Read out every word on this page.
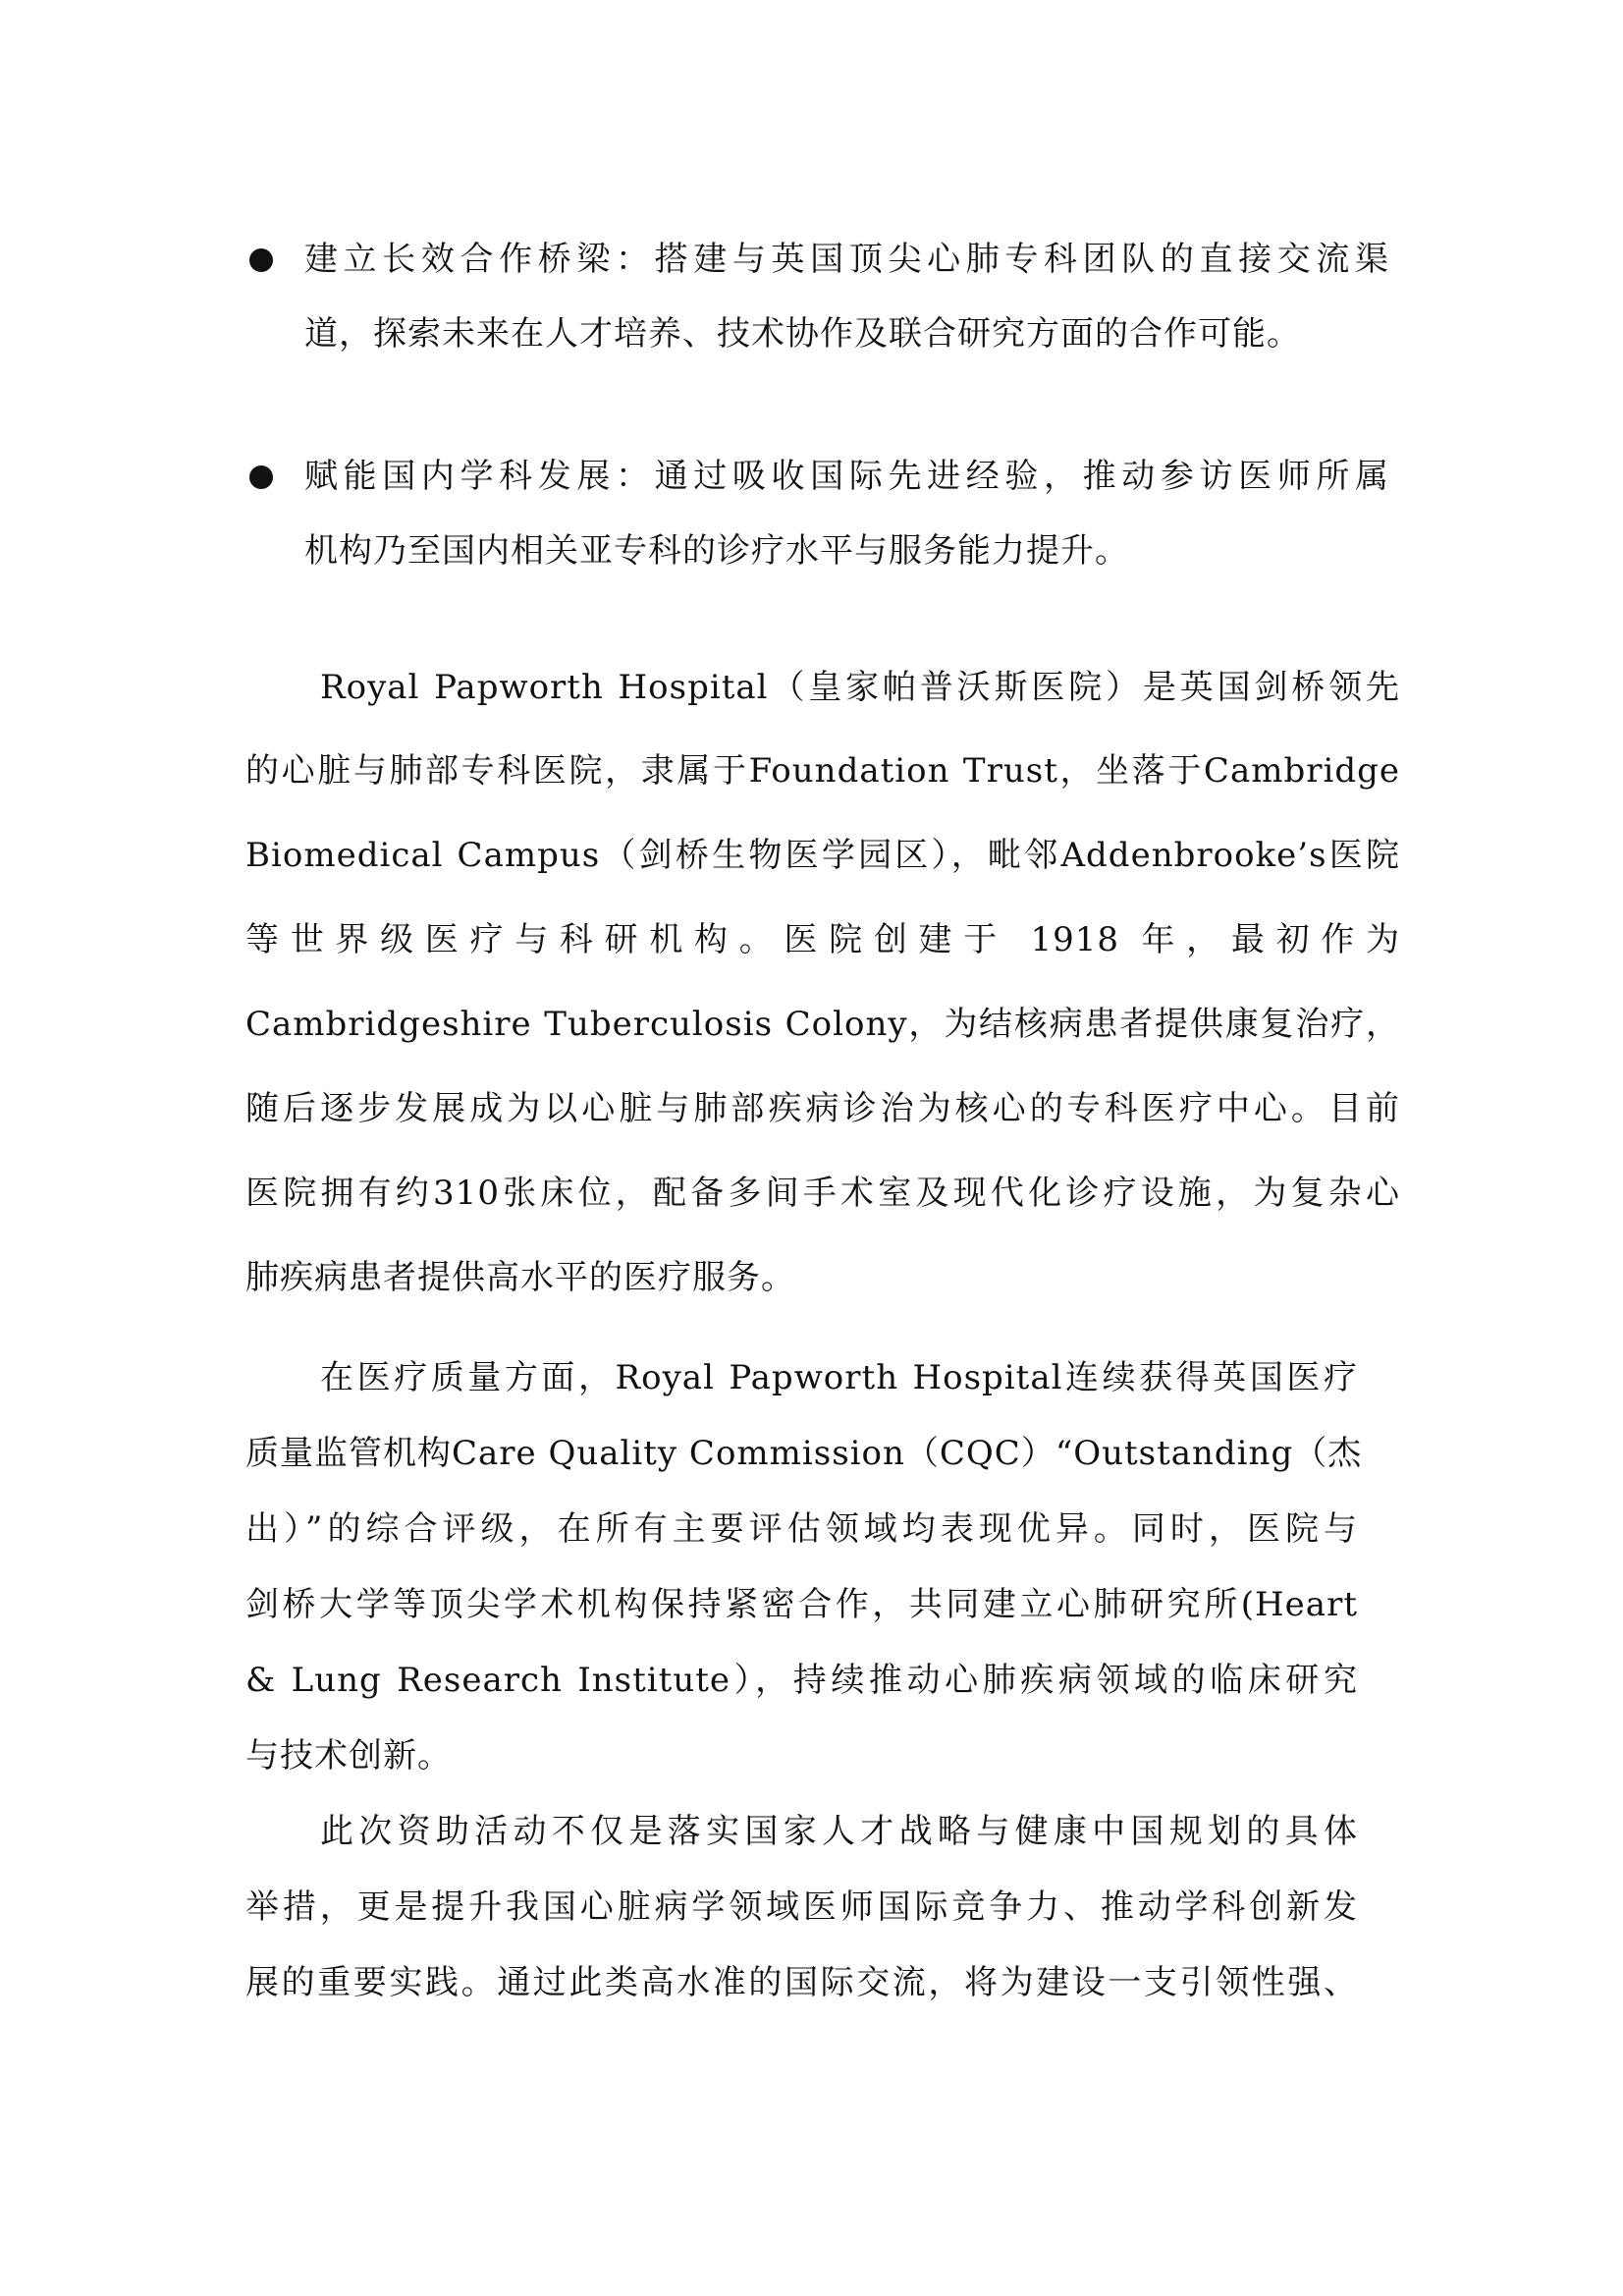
建立长效合作桥梁：搭建与英国顶尖心肺专科团队的直接交流渠
道，探索未来在人才培养、技术协作及联合研究方面的合作可能。
赋能国内学科发展：通过吸收国际先进经验，推动参访医师所属
机构乃至国内相关亚专科的诊疗水平与服务能力提升。
Royal Papworth Hospital（皇家帕普沃斯医院）是英国剑桥领先
的心脏与肺部专科医院，隶属于Foundation Trust，坐落于Cambridge
Biomedical Campus（剑桥生物医学园区），毗邻Addenbrooke’s医院
等世界级医疗与科研机构。医院创建于 1918 年，最初作为
Cambridgeshire Tuberculosis Colony，为结核病患者提供康复治疗，
随后逐步发展成为以心脏与肺部疾病诊治为核心的专科医疗中心。目前
医院拥有约310张床位，配备多间手术室及现代化诊疗设施，为复杂心
肺疾病患者提供高水平的医疗服务。
在医疗质量方面，Royal Papworth Hospital连续获得英国医疗
质量监管机构Care Quality Commission（CQC）“Outstanding（杰
出）”的综合评级，在所有主要评估领域均表现优异。同时，医院与
剑桥大学等顶尖学术机构保持紧密合作，共同建立心肺研究所(Heart
& Lung Research Institute），持续推动心肺疾病领域的临床研究
与技术创新。
此次资助活动不仅是落实国家人才战略与健康中国规划的具体
举措，更是提升我国心脏病学领域医师国际竞争力、推动学科创新发
展的重要实践。通过此类高水准的国际交流，将为建设一支引领性强、
